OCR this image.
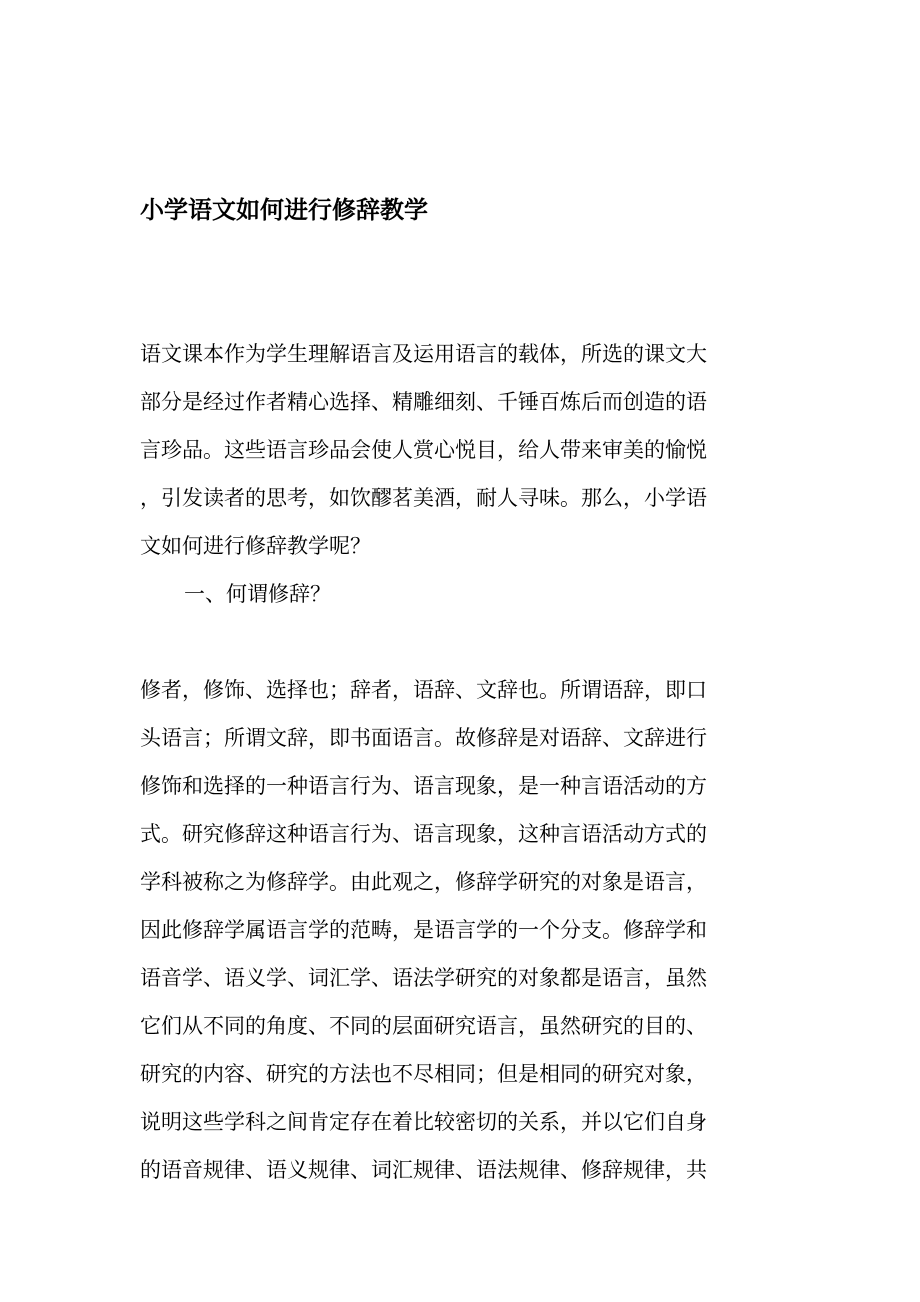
小学语文如何进行修辞教学
语文课本作为学生理解语言及运用语言的载体，所选的课文大
部分是经过作者精心选择、精雕细刻、千锤百炼后而创造的语
言珍品。这些语言珍品会使人赏心悦目，给人带来审美的愉悦
，引发读者的思考，如饮醪茗美酒，耐人寻味。那么，小学语
文如何进行修辞教学呢？
一、何谓修辞？
修者，修饰、选择也；辞者，语辞、文辞也。所谓语辞，即口
头语言；所谓文辞，即书面语言。故修辞是对语辞、文辞进行
修饰和选择的一种语言行为、语言现象，是一种言语活动的方
式。研究修辞这种语言行为、语言现象，这种言语活动方式的
学科被称之为修辞学。由此观之，修辞学研究的对象是语言，
因此修辞学属语言学的范畴，是语言学的一个分支。修辞学和
语音学、语义学、词汇学、语法学研究的对象都是语言，虽然
它们从不同的角度、不同的层面研究语言，虽然研究的目的、
研究的内容、研究的方法也不尽相同；但是相同的研究对象，
说明这些学科之间肯定存在着比较密切的关系，并以它们自身
的语音规律、语义规律、词汇规律、语法规律、修辞规律，共
